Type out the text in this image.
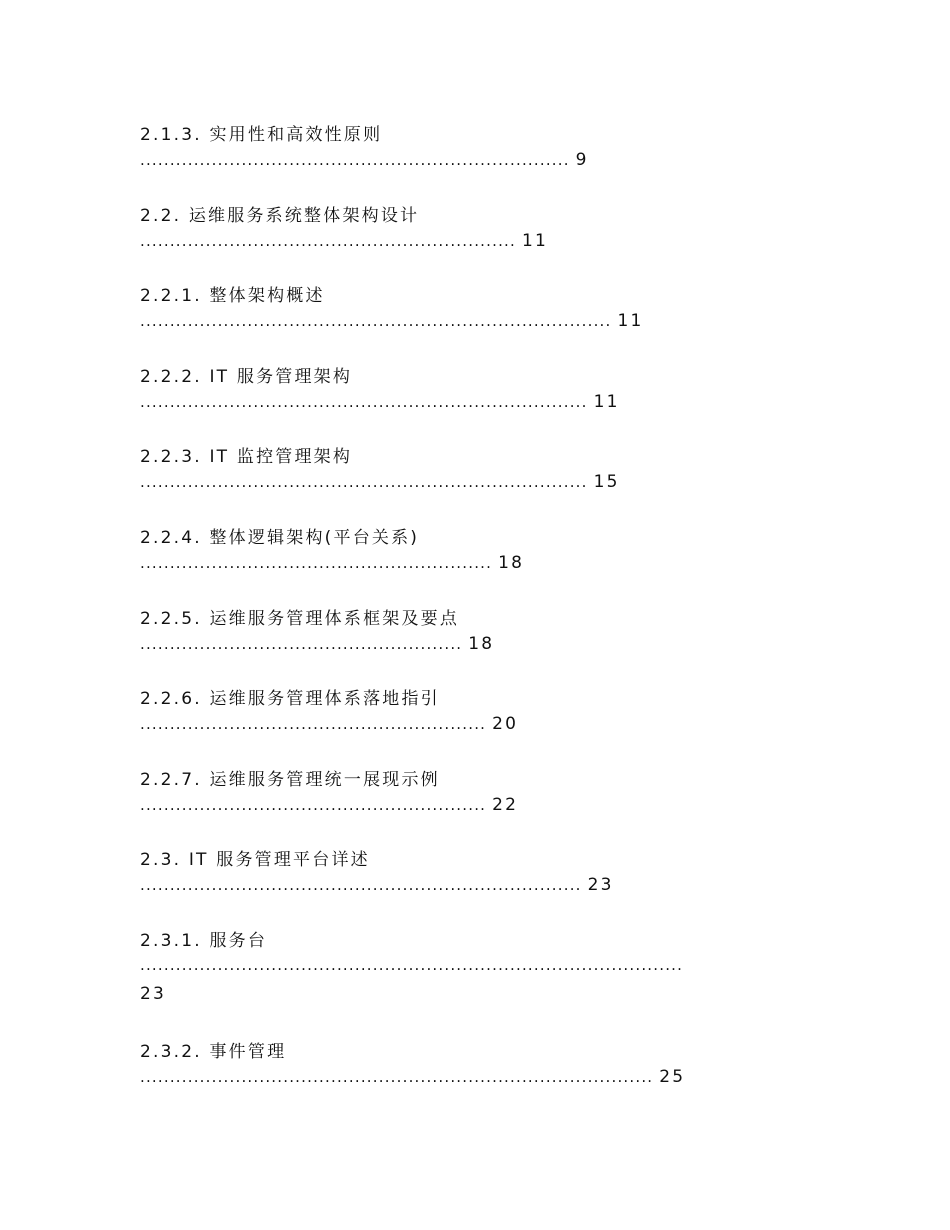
2.1.3. 实用性和高效性原则
........................................................................ 9
2.2. 运维服务系统整体架构设计
............................................................... 11
2.2.1. 整体架构概述
............................................................................... 11
2.2.2. IT 服务管理架构
........................................................................... 11
2.2.3. IT 监控管理架构
........................................................................... 15
2.2.4. 整体逻辑架构(平台关系)
........................................................... 18
2.2.5. 运维服务管理体系框架及要点
...................................................... 18
2.2.6. 运维服务管理体系落地指引
.......................................................... 20
2.2.7. 运维服务管理统一展现示例
.......................................................... 22
2.3. IT 服务管理平台详述
.......................................................................... 23
2.3.1. 服务台
...........................................................................................
23
2.3.2. 事件管理
...................................................................................... 25
